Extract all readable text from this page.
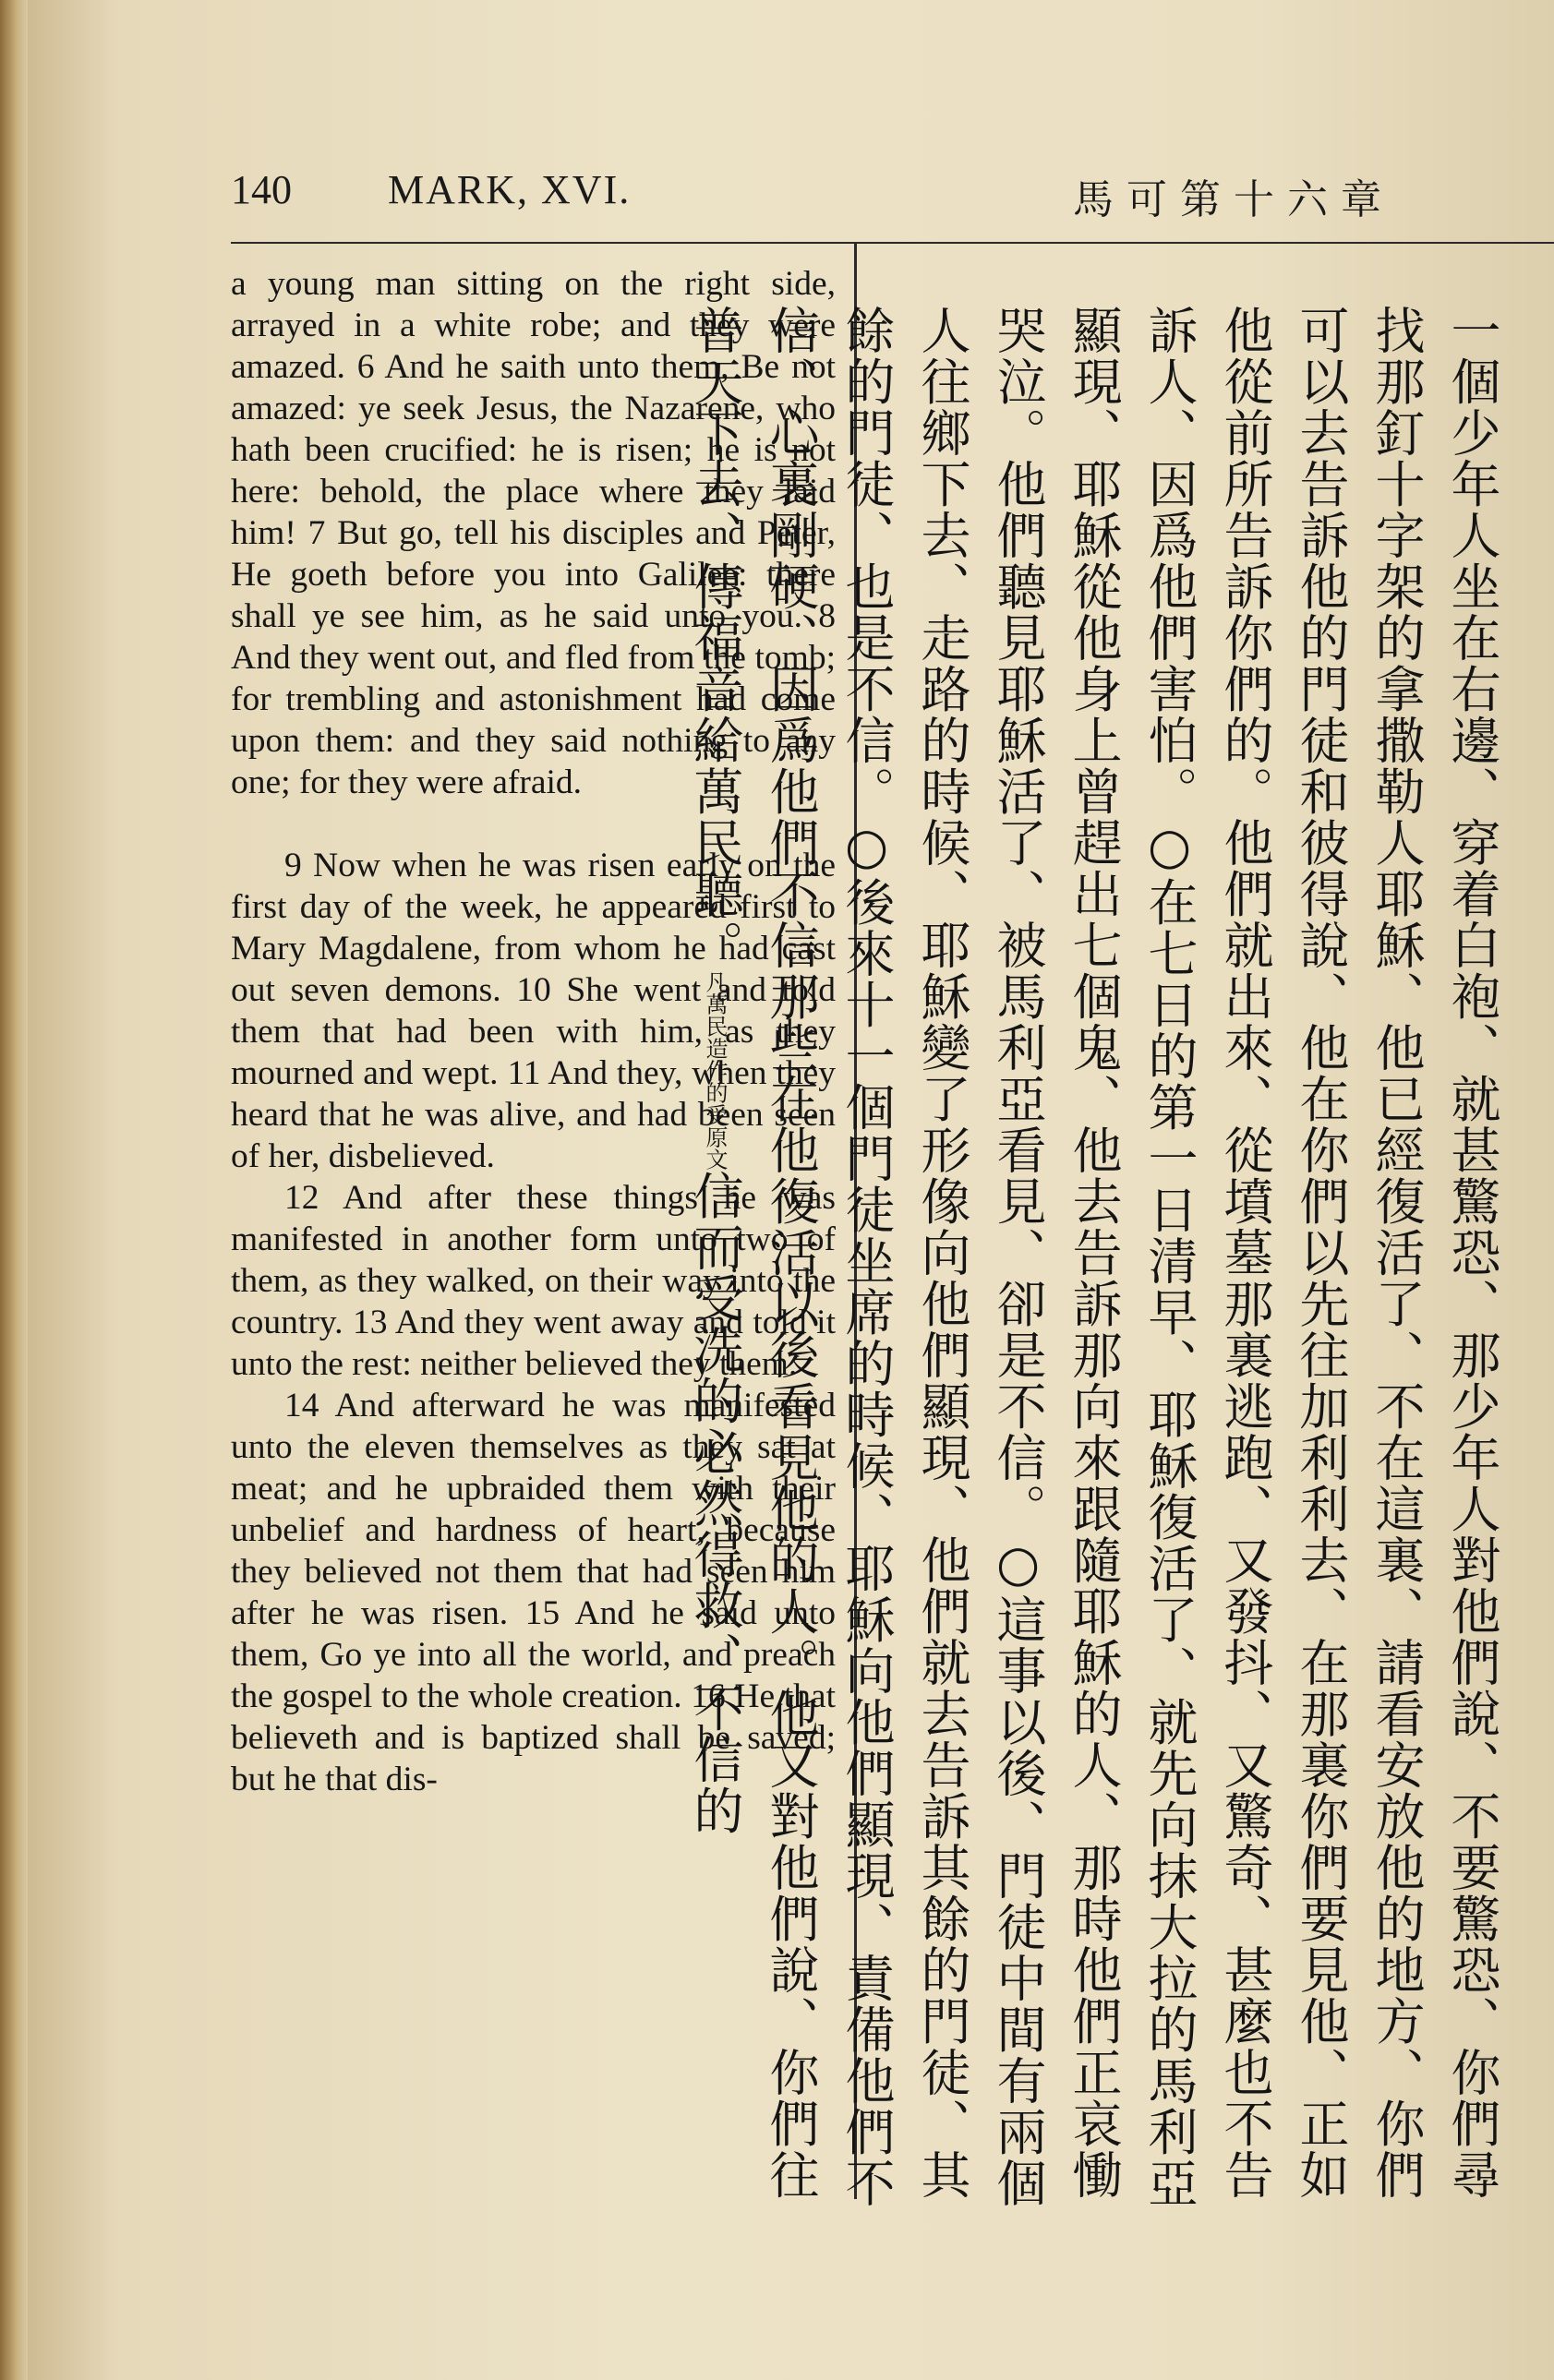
140 MARK, XVI.	馬可第十六章

a young man sitting on the right side, arrayed in a white robe; and they were amazed. 6 And he saith unto them, Be not amazed: ye seek Jesus, the Nazarene, who hath been crucified: he is risen; he is not here: behold, the place where they laid him! 7 But go, tell his disciples and Peter, He goeth before you into Galilee: there shall ye see him, as he said unto you. 8 And they went out, and fled from the tomb; for trembling and astonishment had come upon them: and they said nothing to any one; for they were afraid.

9 Now when he was risen early on the first day of the week, he appeared first to Mary Magdalene, from whom he had cast out seven demons. 10 She went and told them that had been with him, as they mourned and wept. 11 And they, when they heard that he was alive, and had been seen of her, disbelieved.

12 And after these things he was manifested in another form unto two of them, as they walked, on their way into the country. 13 And they went away and told it unto the rest: neither believed they them.

14 And afterward he was manifested unto the eleven themselves as they sat at meat; and he upbraided them with their unbelief and hardness of heart, because they believed not them that had seen him after he was risen. 15 And he said unto them, Go ye into all the world, and preach the gospel to the whole creation. 16 He that believeth and is baptized shall be saved; but he that dis-	一個少年人坐在右邊、穿着白袍、就甚驚恐、那少年人對他們說、不要驚恐、你們尋找那釘十字架的拿撒勒人耶穌、他已經復活了、不在這裏、請看安放他的地方、你們可以去告訴他的門徒和彼得說、他在你們以先往加利利去、在那裏你們要見他、正如他從前所告訴你們的。他們就出來、從墳墓那裏逃跑、又發抖、又驚奇、甚麼也不告訴人、因爲他們害怕。○在七日的第一日清早、耶穌復活了、就先向抹大拉的馬利亞顯現、耶穌從他身上曾趕出七個鬼、他去告訴那向來跟隨耶穌的人、那時他們正哀慟哭泣。他們聽見耶穌活了、被馬利亞看見、卻是不信。○這事以後、門徒中間有兩個人往鄉下去、走路的時候、耶穌變了形像向他們顯現、他們就去告訴其餘的門徒、其餘的門徒、也是不信。○後來十一個門徒坐席的時候、耶穌向他們顯現、責備他們不信、心裏剛硬、因爲他們不信那些在他復活以後看見他的人。他又對他們說、你們往普天下去、傳福音給萬民聽。凡萬民造作的受原文信而受洗的必然得救、不信的
